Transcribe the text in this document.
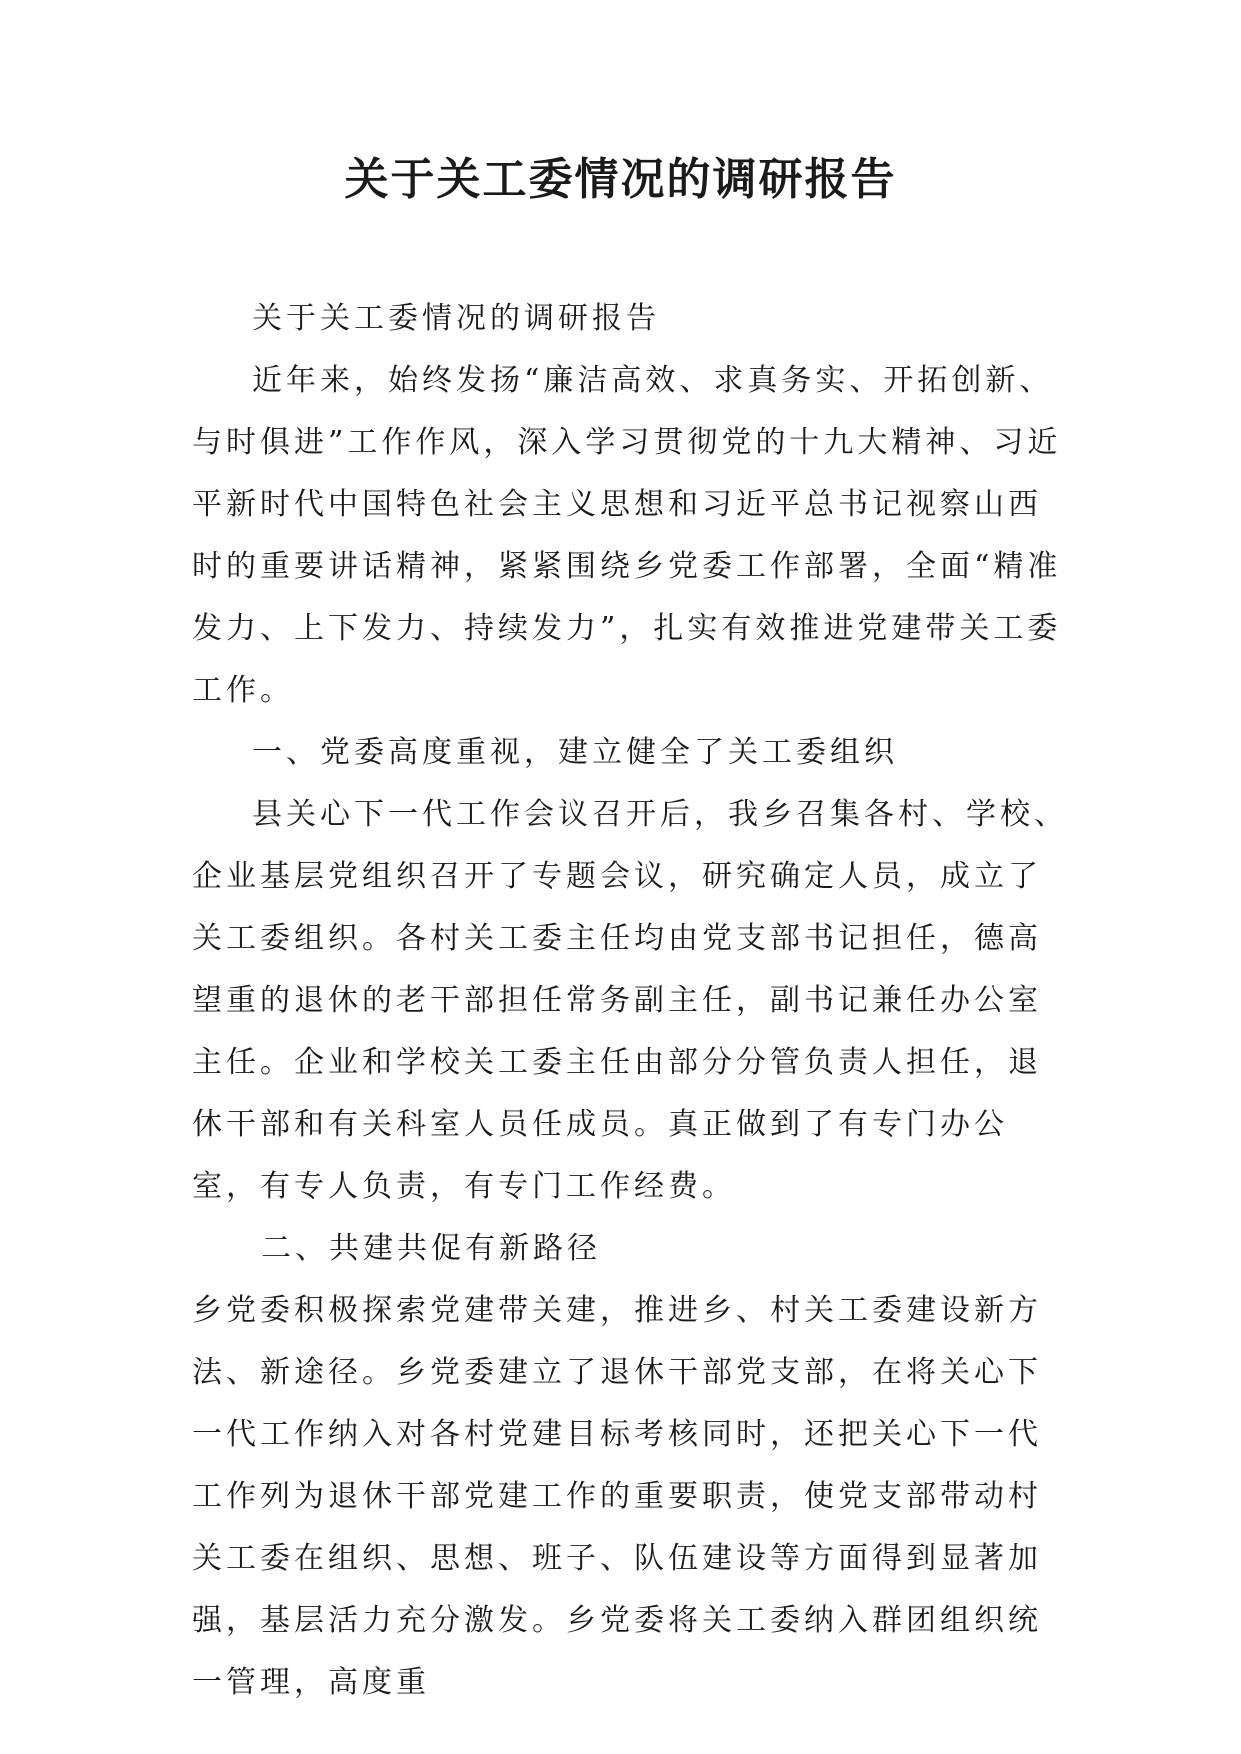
关于关工委情况的调研报告

关于关工委情况的调研报告

近年来，始终发扬“廉洁高效、求真务实、开拓创新、与时俱进”工作作风，深入学习贯彻党的十九大精神、习近平新时代中国特色社会主义思想和习近平总书记视察山西时的重要讲话精神，紧紧围绕乡党委工作部署，全面“精准发力、上下发力、持续发力”，扎实有效推进党建带关工委工作。

一、党委高度重视，建立健全了关工委组织

县关心下一代工作会议召开后，我乡召集各村、学校、企业基层党组织召开了专题会议，研究确定人员，成立了关工委组织。各村关工委主任均由党支部书记担任，德高望重的退休的老干部担任常务副主任，副书记兼任办公室主任。企业和学校关工委主任由部分分管负责人担任，退休干部和有关科室人员任成员。真正做到了有专门办公室，有专人负责，有专门工作经费。

二、共建共促有新路径

乡党委积极探索党建带关建，推进乡、村关工委建设新方法、新途径。乡党委建立了退休干部党支部，在将关心下一代工作纳入对各村党建目标考核同时，还把关心下一代工作列为退休干部党建工作的重要职责，使党支部带动村关工委在组织、思想、班子、队伍建设等方面得到显著加强，基层活力充分激发。乡党委将关工委纳入群团组织统一管理，高度重
